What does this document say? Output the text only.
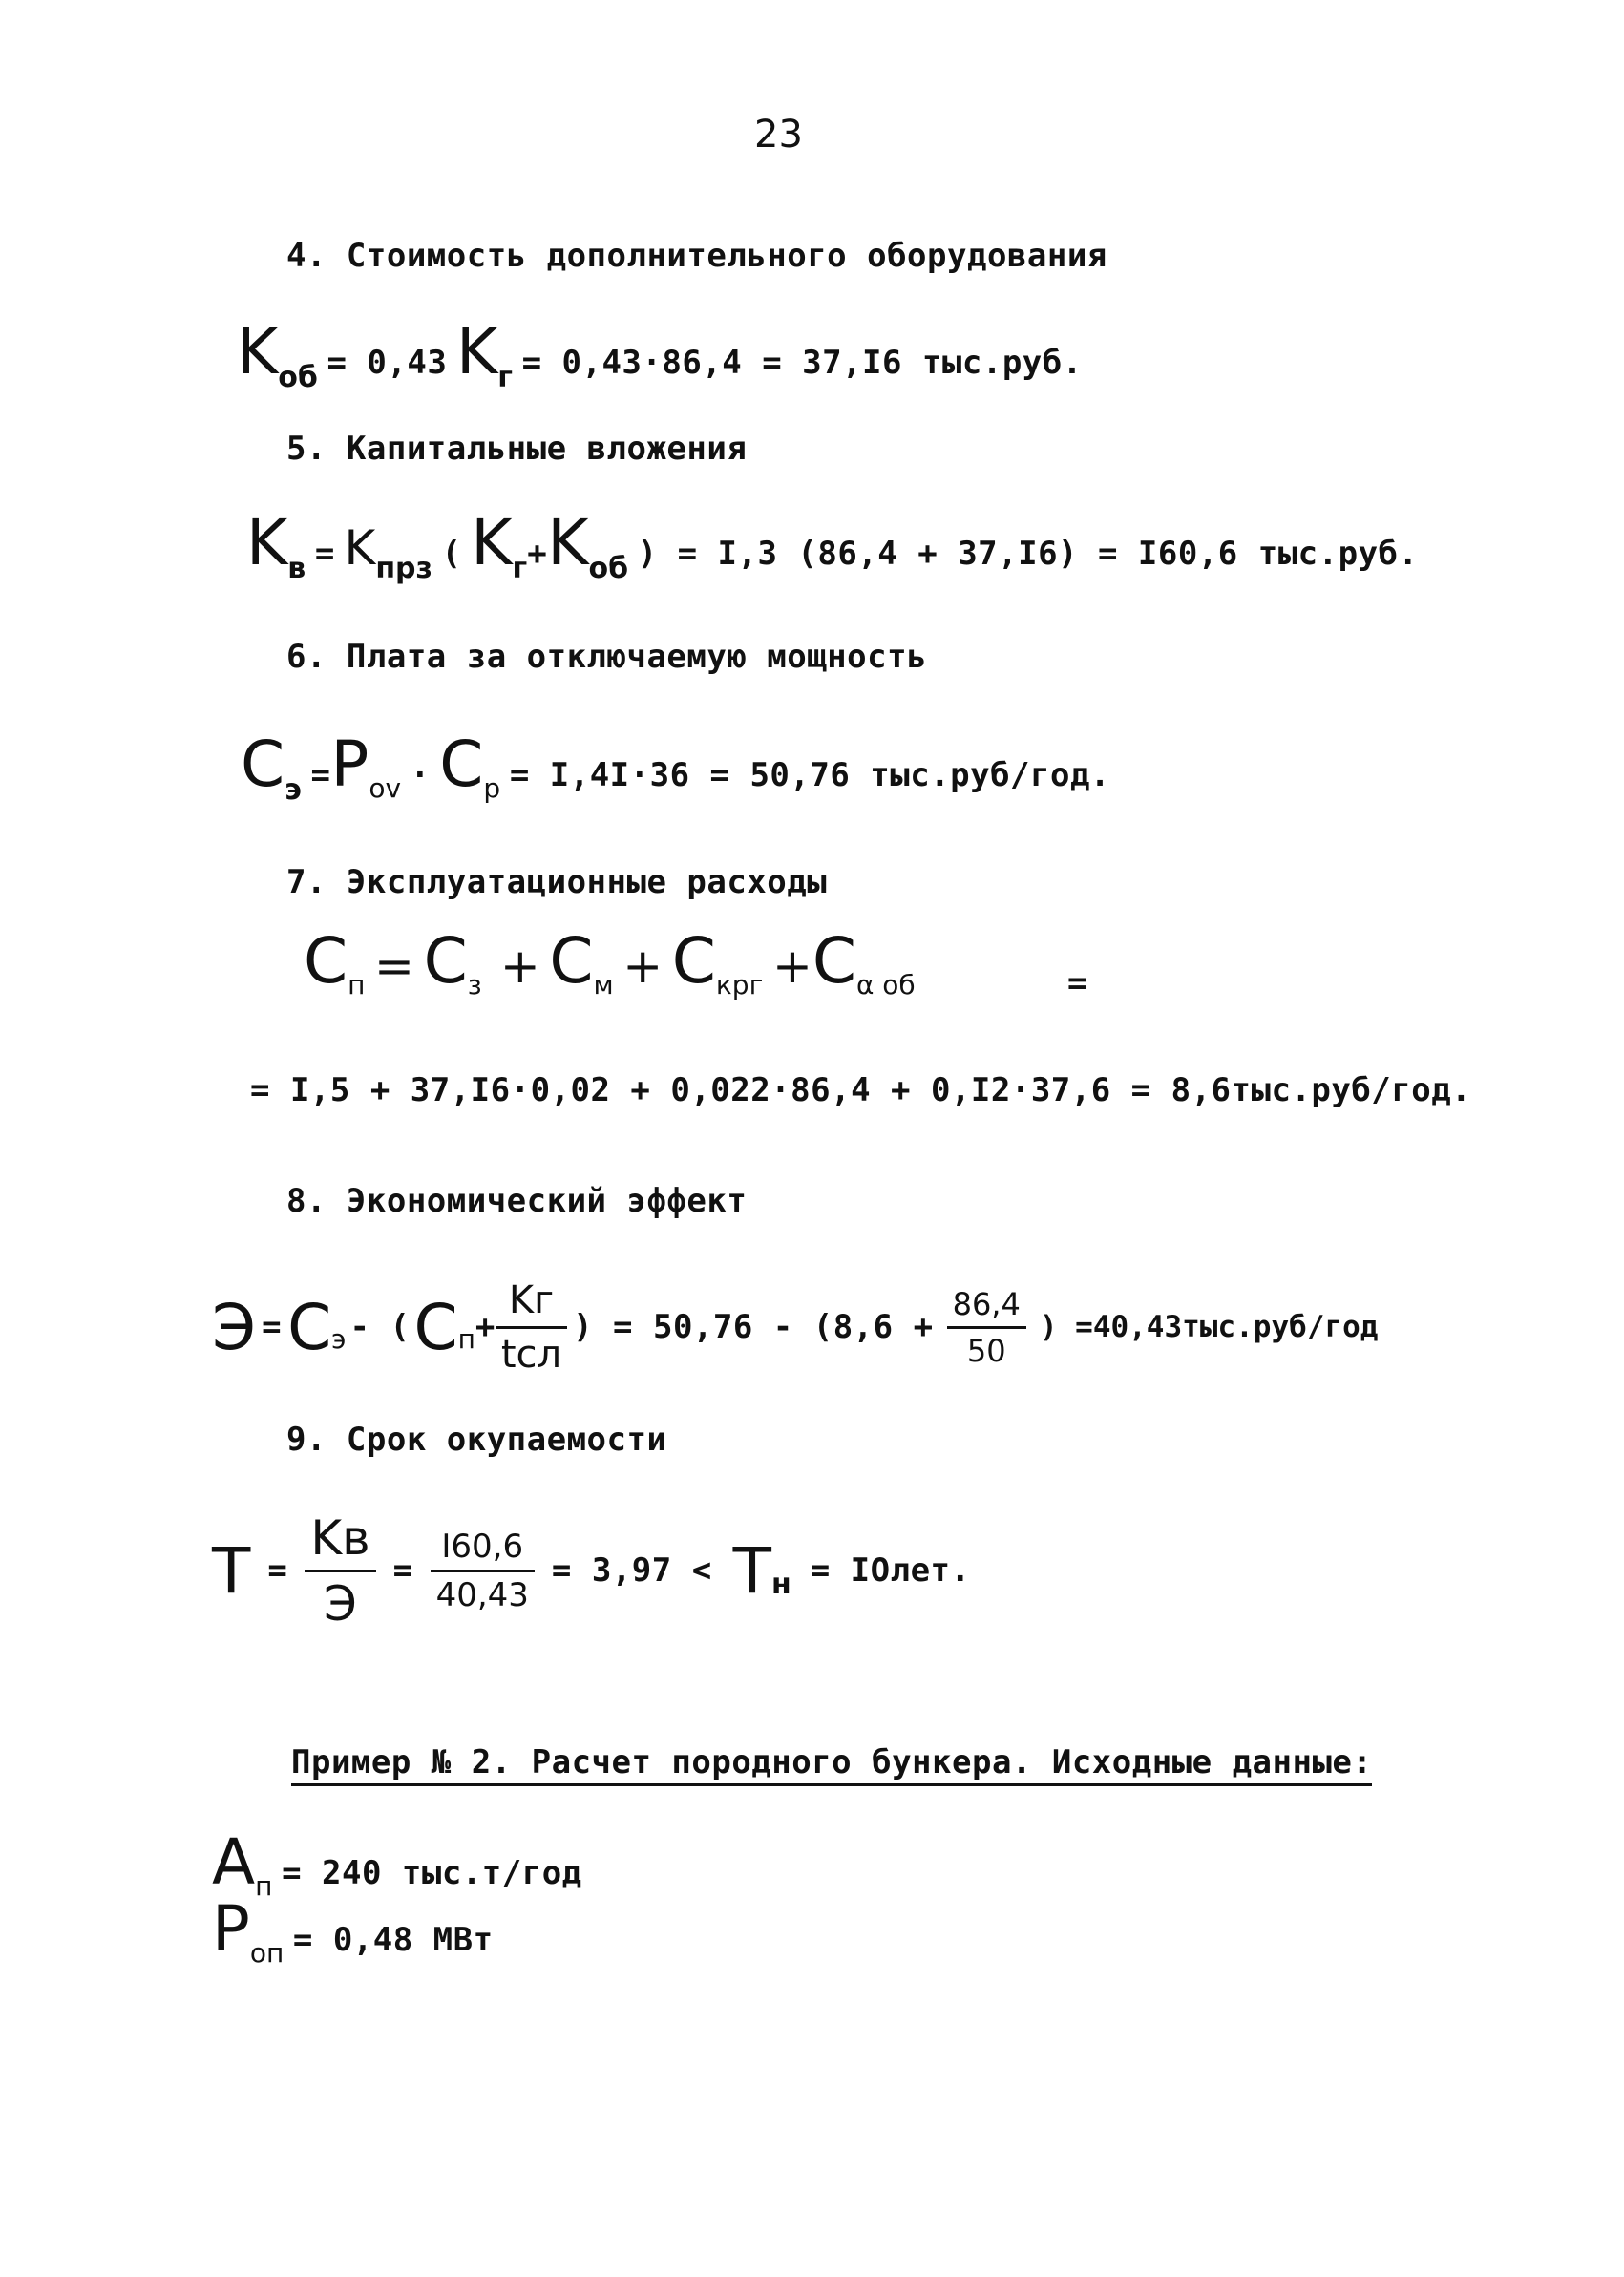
23
4. Стоимость дополнительного оборудования
Kоб = 0,43 Kг = 0,43·86,4 = 37,I6 тыс.руб.
5. Капитальные вложения
Kв = Kпрз ( Kг+Kоб ) = I,3 (86,4 + 37,I6) = I60,6 тыс.руб.
6. Плата за отключаемую мощность
Cэ =Pоv · Cр = I,4I·36 = 50,76 тыс.руб/год.
7. Эксплуатационные расходы
Cп = Cз + Cм + Cкрг +Cα об	=
= I,5 + 37,I6·0,02 + 0,022·86,4 + 0,I2·37,6 = 8,6тыс.руб/год.
8. Экономический эффект
Э = C э - ( C $п + \frac{Kг}{\text{tсл}}$ ) = $50,76 - (8,6 + \frac{86,4}{50}$ ) =40,43тыс.руб/год
9. Срок окупаемости
$T = \frac{Kв}{Э} = \frac{I60,6}{40,43} = 3,97 < T$ н = IOлет.
Пример № 2. Расчет породного бункера. Исходные данные:
Aп = 240 тыс.т/год
Pоп = 0,48 МВт
